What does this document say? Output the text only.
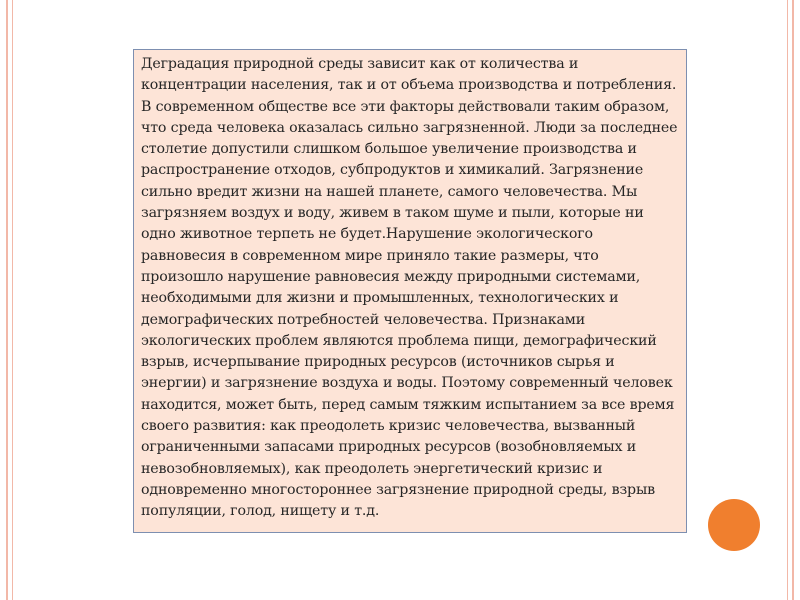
Деградация природной среды зависит как от количества и концентрации населения, так и от объема производства и потребления. В современном обществе все эти факторы действовали таким образом, что среда человека оказалась сильно загрязненной. Люди за последнее столетие допустили слишком большое увеличение производства и распространение отходов, субпродуктов и химикалий. Загрязнение сильно вредит жизни на нашей планете, самого человечества. Мы загрязняем воздух и воду, живем в таком шуме и пыли, которые ни одно животное терпеть не будет.Нарушение экологического равновесия в современном мире приняло такие размеры, что произошло нарушение равновесия между природными системами, необходимыми для жизни и промышленных, технологических и демографических потребностей человечества. Признаками экологических проблем являются проблема пищи, демографический взрыв, исчерпывание природных ресурсов (источников сырья и энергии) и загрязнение воздуха и воды. Поэтому современный человек находится, может быть, перед самым тяжким испытанием за все время своего развития: как преодолеть кризис человечества, вызванный ограниченными запасами природных ресурсов (возобновляемых и невозобновляемых), как преодолеть энергетический кризис и одновременно многостороннее загрязнение природной среды, взрыв популяции, голод, нищету и т.д.
